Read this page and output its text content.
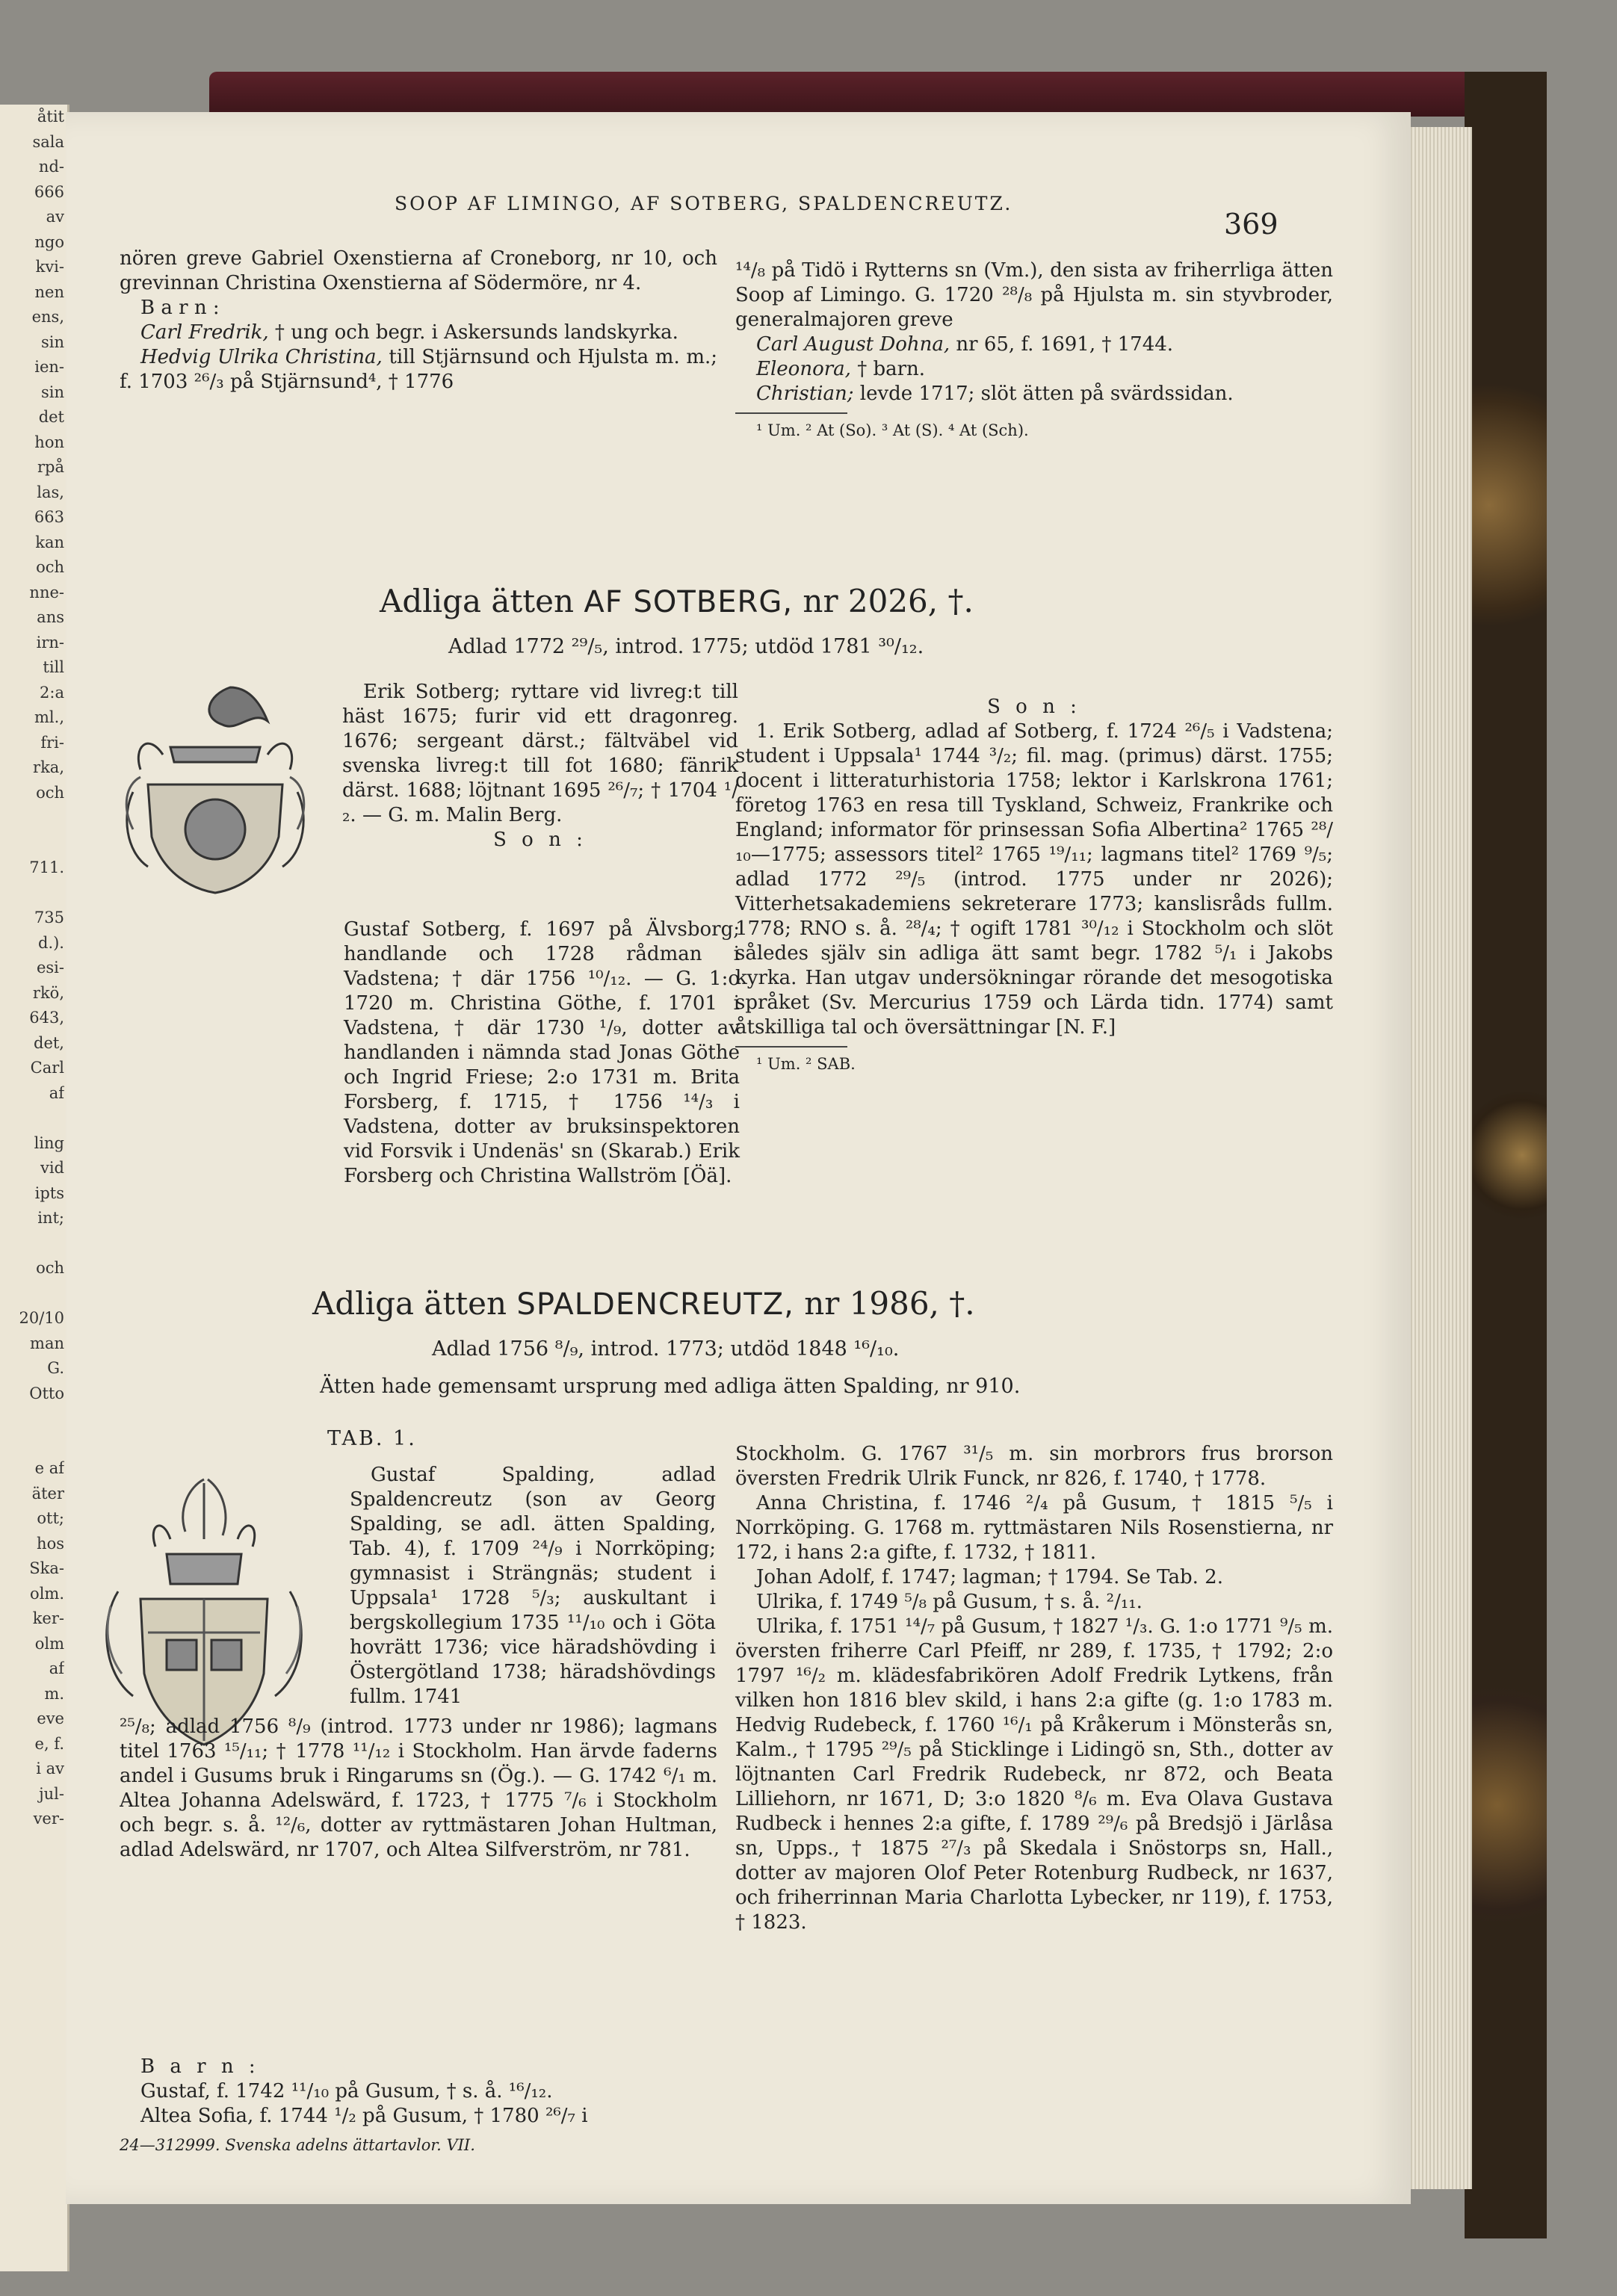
åtit
sala
nd-
666
av
ngo
kvi-
nen
ens,
sin
ien-
sin
det
hon
rpå
las,
663
kan
och
nne-
ans
irn-
till
2:a
ml.,
fri-
rka,
och
711.
735
d.).
esi-
rkö,
643,
det,
Carl
af
ling
vid
ipts
int;
och
20/10
man
G.
Otto
e af
äter
ott;
hos
Ska-
olm.
ker-
olm
af
m.
eve
e, f.
i av
jul-
ver-
SOOP AF LIMINGO, AF SOTBERG, SPALDENCREUTZ.
369

nören greve Gabriel Oxenstierna af Croneborg, nr 10, och grevinnan Christina Oxenstierna af Södermöre, nr 4.

B a r n :

Carl Fredrik, † ung och begr. i Askersunds landskyrka.

Hedvig Ulrika Christina, till Stjärnsund och Hjulsta m. m.; f. 1703 ²⁶/₃ på Stjärnsund⁴, † 1776

¹⁴/₈ på Tidö i Rytterns sn (Vm.), den sista av friherrliga ätten Soop af Limingo. G. 1720 ²⁸/₈ på Hjulsta m. sin styvbroder, generalmajoren greve

Carl August Dohna, nr 65, f. 1691, † 1744.

Eleonora, † barn.

Christian; levde 1717; slöt ätten på svärdssidan.

¹ Um. ² At (So). ³ At (S). ⁴ At (Sch).

Adliga ätten AF SOTBERG, nr 2026, †.
Adlad 1772 ²⁹/₅, introd. 1775; utdöd 1781 ³⁰/₁₂.

Erik Sotberg; ryttare vid livreg:t till häst 1675; furir vid ett dragonreg. 1676; sergeant därst.; fältväbel vid svenska livreg:t till fot 1680; fänrik därst. 1688; löjtnant 1695 ²⁶/₇; † 1704 ¹/₂. — G. m. Malin Berg.

S o n :

Gustaf Sotberg, f. 1697 på Älvsborg; handlande och 1728 rådman i Vadstena; † där 1756 ¹⁰/₁₂. — G. 1:o 1720 m. Christina Göthe, f. 1701 i Vadstena, † där 1730 ¹/₉, dotter av handlanden i nämnda stad Jonas Göthe och Ingrid Friese; 2:o 1731 m. Brita Forsberg, f. 1715, † 1756 ¹⁴/₃ i Vadstena, dotter av bruksinspektoren vid Forsvik i Undenäs' sn (Skarab.) Erik Forsberg och Christina Wallström [Öä].

S o n :

1. Erik Sotberg, adlad af Sotberg, f. 1724 ²⁶/₅ i Vadstena; student i Uppsala¹ 1744 ³/₂; fil. mag. (primus) därst. 1755; docent i litteraturhistoria 1758; lektor i Karlskrona 1761; företog 1763 en resa till Tyskland, Schweiz, Frankrike och England; informator för prinsessan Sofia Albertina² 1765 ²⁸/₁₀—1775; assessors titel² 1765 ¹⁹/₁₁; lagmans titel² 1769 ⁹/₅; adlad 1772 ²⁹/₅ (introd. 1775 under nr 2026); Vitterhetsakademiens sekreterare 1773; kanslisråds fullm. 1778; RNO s. å. ²⁸/₄; † ogift 1781 ³⁰/₁₂ i Stockholm och slöt således själv sin adliga ätt samt begr. 1782 ⁵/₁ i Jakobs kyrka. Han utgav undersökningar rörande det mesogotiska språket (Sv. Mercurius 1759 och Lärda tidn. 1774) samt åtskilliga tal och översättningar [N. F.]

¹ Um. ² SAB.

Adliga ätten SPALDENCREUTZ, nr 1986, †.
Adlad 1756 ⁸/₉, introd. 1773; utdöd 1848 ¹⁶/₁₀.
Ätten hade gemensamt ursprung med adliga ätten Spalding, nr 910.
TAB. 1.

Gustaf Spalding, adlad Spaldencreutz (son av Georg Spalding, se adl. ätten Spalding, Tab. 4), f. 1709 ²⁴/₉ i Norrköping; gymnasist i Strängnäs; student i Uppsala¹ 1728 ⁵/₃; auskultant i bergskollegium 1735 ¹¹/₁₀ och i Göta hovrätt 1736; vice häradshövding i Östergötland 1738; häradshövdings fullm. 1741

²⁵/₈; adlad 1756 ⁸/₉ (introd. 1773 under nr 1986); lagmans titel 1763 ¹⁵/₁₁; † 1778 ¹¹/₁₂ i Stockholm. Han ärvde faderns andel i Gusums bruk i Ringarums sn (Ög.). — G. 1742 ⁶/₁ m. Altea Johanna Adelswärd, f. 1723, † 1775 ⁷/₆ i Stockholm och begr. s. å. ¹²/₆, dotter av ryttmästaren Johan Hultman, adlad Adelswärd, nr 1707, och Altea Silfverström, nr 781.

B a r n :

Gustaf, f. 1742 ¹¹/₁₀ på Gusum, † s. å. ¹⁶/₁₂.

Altea Sofia, f. 1744 ¹/₂ på Gusum, † 1780 ²⁶/₇ i

24—312999. Svenska adelns ättartavlor. VII.

Stockholm. G. 1767 ³¹/₅ m. sin morbrors frus brorson översten Fredrik Ulrik Funck, nr 826, f. 1740, † 1778.

Anna Christina, f. 1746 ²/₄ på Gusum, † 1815 ⁵/₅ i Norrköping. G. 1768 m. ryttmästaren Nils Rosenstierna, nr 172, i hans 2:a gifte, f. 1732, † 1811.

Johan Adolf, f. 1747; lagman; † 1794. Se Tab. 2.

Ulrika, f. 1749 ⁵/₈ på Gusum, † s. å. ²/₁₁.

Ulrika, f. 1751 ¹⁴/₇ på Gusum, † 1827 ¹/₃. G. 1:o 1771 ⁹/₅ m. översten friherre Carl Pfeiff, nr 289, f. 1735, † 1792; 2:o 1797 ¹⁶/₂ m. klädesfabrikören Adolf Fredrik Lytkens, från vilken hon 1816 blev skild, i hans 2:a gifte (g. 1:o 1783 m. Hedvig Rudebeck, f. 1760 ¹⁶/₁ på Kråkerum i Mönsterås sn, Kalm., † 1795 ²⁹/₅ på Sticklinge i Lidingö sn, Sth., dotter av löjtnanten Carl Fredrik Rudebeck, nr 872, och Beata Lilliehorn, nr 1671, D; 3:o 1820 ⁸/₆ m. Eva Olava Gustava Rudbeck i hennes 2:a gifte, f. 1789 ²⁹/₆ på Bredsjö i Järlåsa sn, Upps., † 1875 ²⁷/₃ på Skedala i Snöstorps sn, Hall., dotter av majoren Olof Peter Rotenburg Rudbeck, nr 1637, och friherrinnan Maria Charlotta Lybecker, nr 119), f. 1753, † 1823.
